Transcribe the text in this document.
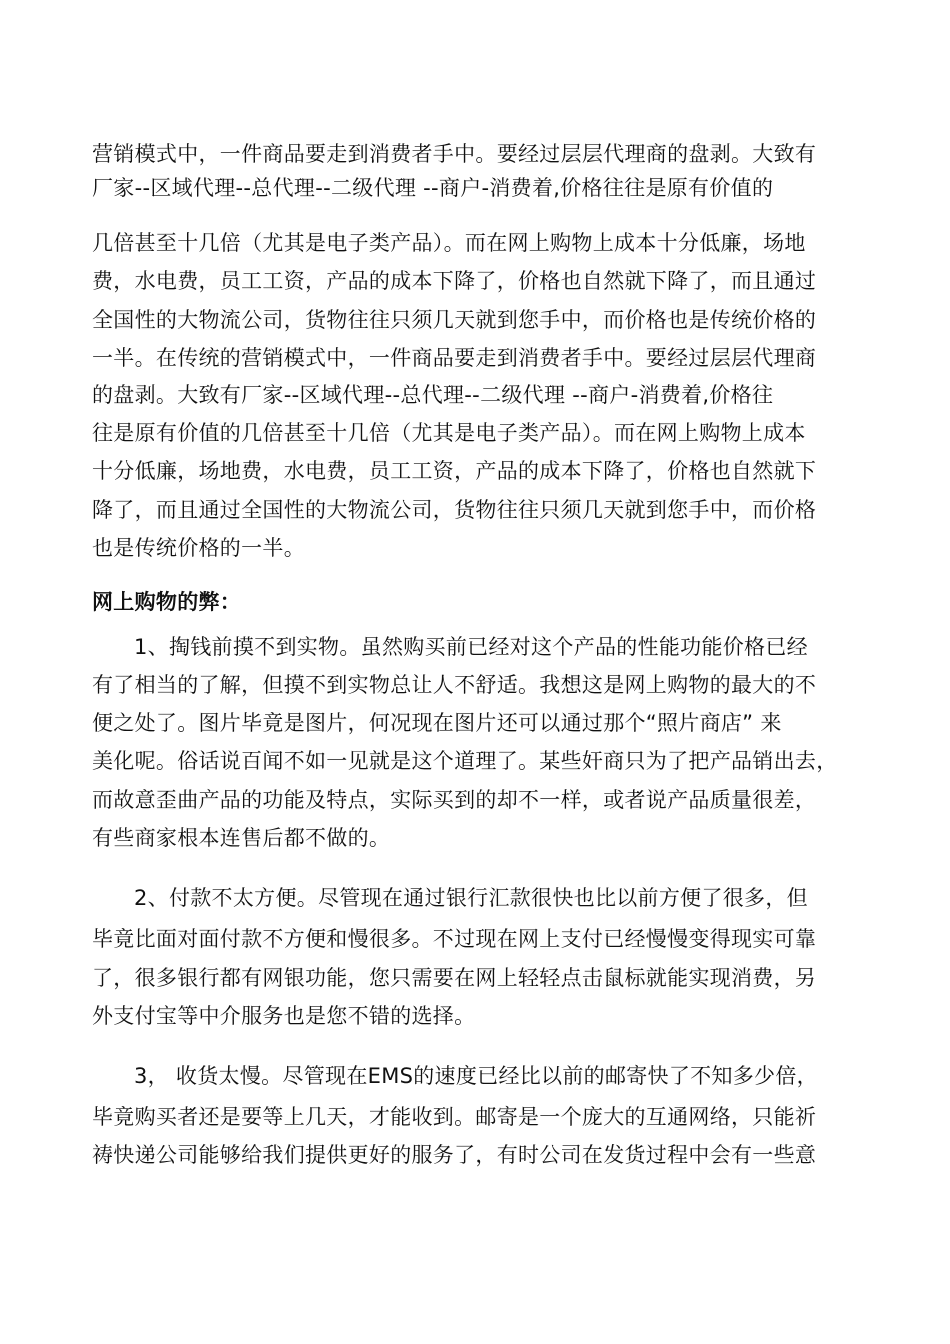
营销模式中，一件商品要走到消费者手中。要经过层层代理商的盘剥。大致有
厂家--区域代理--总代理--二级代理 --商户-消费着,价格往往是原有价值的
几倍甚至十几倍（尤其是电子类产品）。而在网上购物上成本十分低廉，场地
费，水电费，员工工资，产品的成本下降了，价格也自然就下降了，而且通过
全国性的大物流公司，货物往往只须几天就到您手中，而价格也是传统价格的
一半。在传统的营销模式中，一件商品要走到消费者手中。要经过层层代理商
的盘剥。大致有厂家--区域代理--总代理--二级代理 --商户-消费着,价格往
往是原有价值的几倍甚至十几倍（尤其是电子类产品）。而在网上购物上成本
十分低廉，场地费，水电费，员工工资，产品的成本下降了，价格也自然就下
降了，而且通过全国性的大物流公司，货物往往只须几天就到您手中，而价格
也是传统价格的一半。
网上购物的弊：
1、掏钱前摸不到实物。虽然购买前已经对这个产品的性能功能价格已经
有了相当的了解，但摸不到实物总让人不舒适。我想这是网上购物的最大的不
便之处了。图片毕竟是图片，何况现在图片还可以通过那个“照片商店” 来
美化呢。俗话说百闻不如一见就是这个道理了。某些奸商只为了把产品销出去，
而故意歪曲产品的功能及特点，实际买到的却不一样，或者说产品质量很差，
有些商家根本连售后都不做的。
2、付款不太方便。尽管现在通过银行汇款很快也比以前方便了很多，但
毕竟比面对面付款不方便和慢很多。不过现在网上支付已经慢慢变得现实可靠
了，很多银行都有网银功能，您只需要在网上轻轻点击鼠标就能实现消费，另
外支付宝等中介服务也是您不错的选择。
3， 收货太慢。尽管现在EMS的速度已经比以前的邮寄快了不知多少倍，
毕竟购买者还是要等上几天，才能收到。邮寄是一个庞大的互通网络，只能祈
祷快递公司能够给我们提供更好的服务了，有时公司在发货过程中会有一些意
